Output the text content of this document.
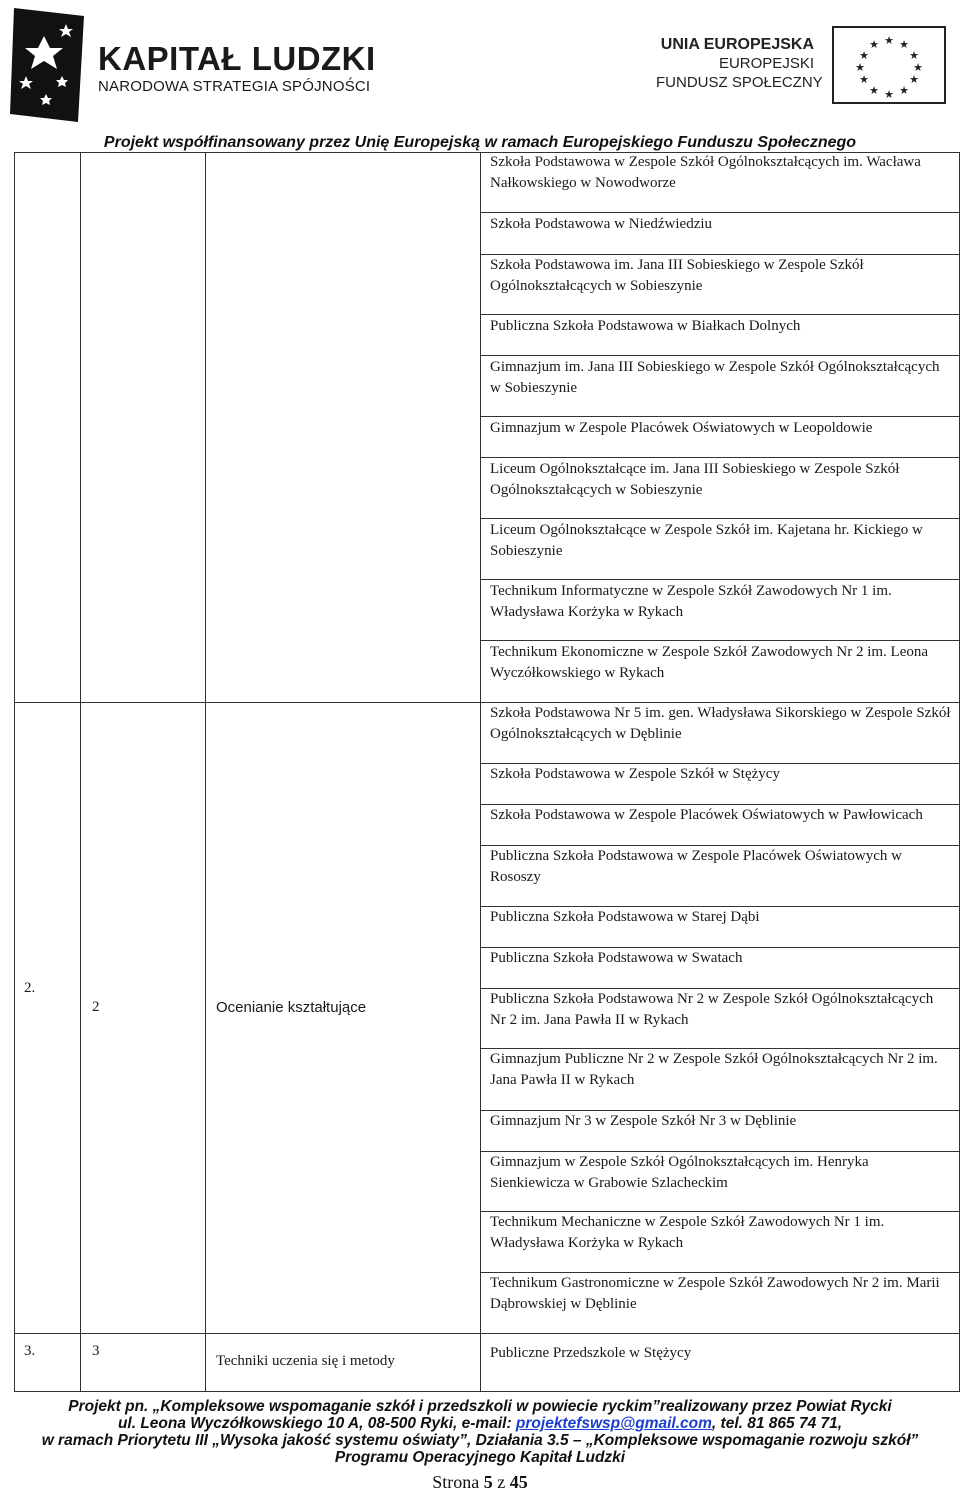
KAPITAŁ LUDZKI
NARODOWA STRATEGIA SPÓJNOŚCI
UNIA EUROPEJSKA
EUROPEJSKI
FUNDUSZ SPOŁECZNY
★ ★
★
★
★
★
★
★
★
★
★
★
Projekt współfinansowany przez Unię Europejską w ramach Europejskiego Funduszu Społecznego
Szkoła Podstawowa w Zespole Szkół Ogólnokształcących im. Wacława Nałkowskiego w Nowodworze
Szkoła Podstawowa w Niedźwiedziu
Szkoła Podstawowa im. Jana III Sobieskiego w Zespole Szkół Ogólnokształcących w Sobieszynie
Publiczna Szkoła Podstawowa w Białkach Dolnych
Gimnazjum im. Jana III Sobieskiego w Zespole Szkół Ogólnokształcących w Sobieszynie
Gimnazjum w Zespole Placówek Oświatowych w Leopoldowie
Liceum Ogólnokształcące im. Jana III Sobieskiego w Zespole Szkół Ogólnokształcących w Sobieszynie
Liceum Ogólnokształcące w Zespole Szkół im. Kajetana hr. Kickiego w Sobieszynie
Technikum Informatyczne w Zespole Szkół Zawodowych Nr 1 im. Władysława Korżyka w Rykach
Technikum Ekonomiczne w Zespole Szkół Zawodowych Nr 2 im. Leona Wyczółkowskiego w Rykach
Szkoła Podstawowa Nr 5 im. gen. Władysława Sikorskiego w Zespole Szkół Ogólnokształcących w Dęblinie
Szkoła Podstawowa w Zespole Szkół w Stężycy
Szkoła Podstawowa w Zespole Placówek Oświatowych w Pawłowicach
Publiczna Szkoła Podstawowa w Zespole Placówek Oświatowych w Rososzy
Publiczna Szkoła Podstawowa w Starej Dąbi
Publiczna Szkoła Podstawowa w Swatach
Publiczna Szkoła Podstawowa Nr 2 w Zespole Szkół Ogólnokształcących Nr 2 im. Jana Pawła II w Rykach
Gimnazjum Publiczne Nr 2 w Zespole Szkół Ogólnokształcących Nr 2 im. Jana Pawła II w Rykach
Gimnazjum Nr 3 w Zespole Szkół Nr 3 w Dęblinie
Gimnazjum w Zespole Szkół Ogólnokształcących im. Henryka Sienkiewicza w Grabowie Szlacheckim
Technikum Mechaniczne w Zespole Szkół Zawodowych Nr 1 im. Władysława Korżyka w Rykach
Technikum Gastronomiczne w Zespole Szkół Zawodowych Nr 2 im. Marii Dąbrowskiej w Dęblinie
Publiczne Przedszkole w Stężycy
2.
2	Ocenianie kształtujące
3.	3
Techniki uczenia się i metody
Projekt pn. „Kompleksowe wspomaganie szkół i przedszkoli w powiecie ryckim”realizowany przez Powiat Rycki
ul. Leona Wyczółkowskiego 10 A, 08-500 Ryki, e-mail: projektefswsp@gmail.com, tel. 81 865 74 71,
w ramach Priorytetu III „Wysoka jakość systemu oświaty”, Działania 3.5 – „Kompleksowe wspomaganie rozwoju szkół”
Programu Operacyjnego Kapitał Ludzki
Strona 5 z 45
